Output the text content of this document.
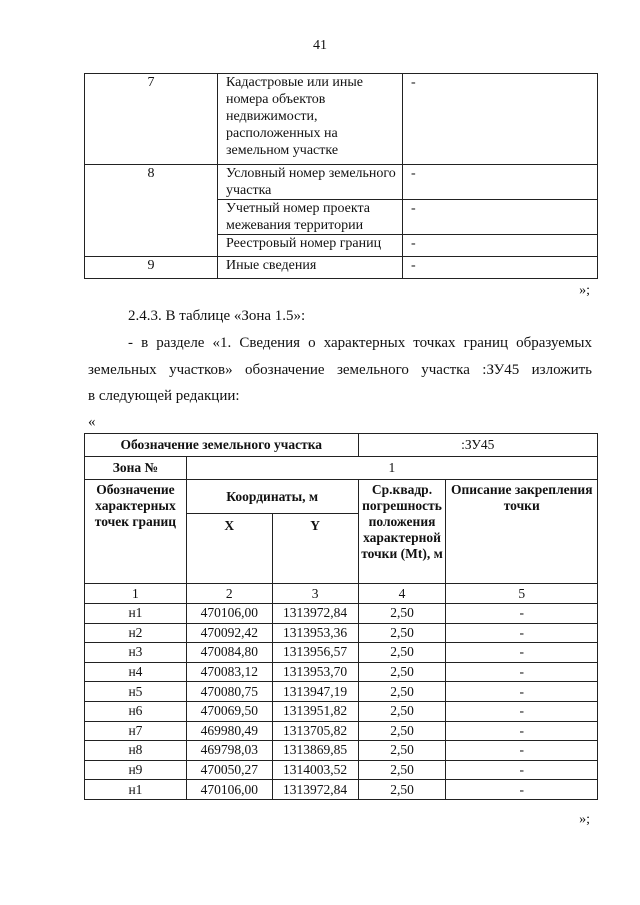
41
7	Кадастровые или иные номера объектов недвижимости, расположенных на земельном участке	-
8	Условный номер земельного участка	-
	Учетный номер проекта межевания территории	-
	Реестровый номер границ	-
9	Иные сведения	-
»;
2.4.3. В таблице «Зона 1.5»:
- в разделе «1. Сведения о характерных точках границ образуемых
земельных участков» обозначение земельного участка :ЗУ45 изложить
в следующей редакции:
«
Обозначение земельного участка			:ЗУ45	
Зона №	1			
Обозначение характерных точек границ	Координаты, м		Ср.квадр. погрешность положения характерной точки (Mt), м	Описание закрепления точки
	X	Y		
1	2	3	4	5
н1	470106,00	1313972,84	2,50	-
н2	470092,42	1313953,36	2,50	-
н3	470084,80	1313956,57	2,50	-
н4	470083,12	1313953,70	2,50	-
н5	470080,75	1313947,19	2,50	-
н6	470069,50	1313951,82	2,50	-
н7	469980,49	1313705,82	2,50	-
н8	469798,03	1313869,85	2,50	-
н9	470050,27	1314003,52	2,50	-
н1	470106,00	1313972,84	2,50	-
»;
